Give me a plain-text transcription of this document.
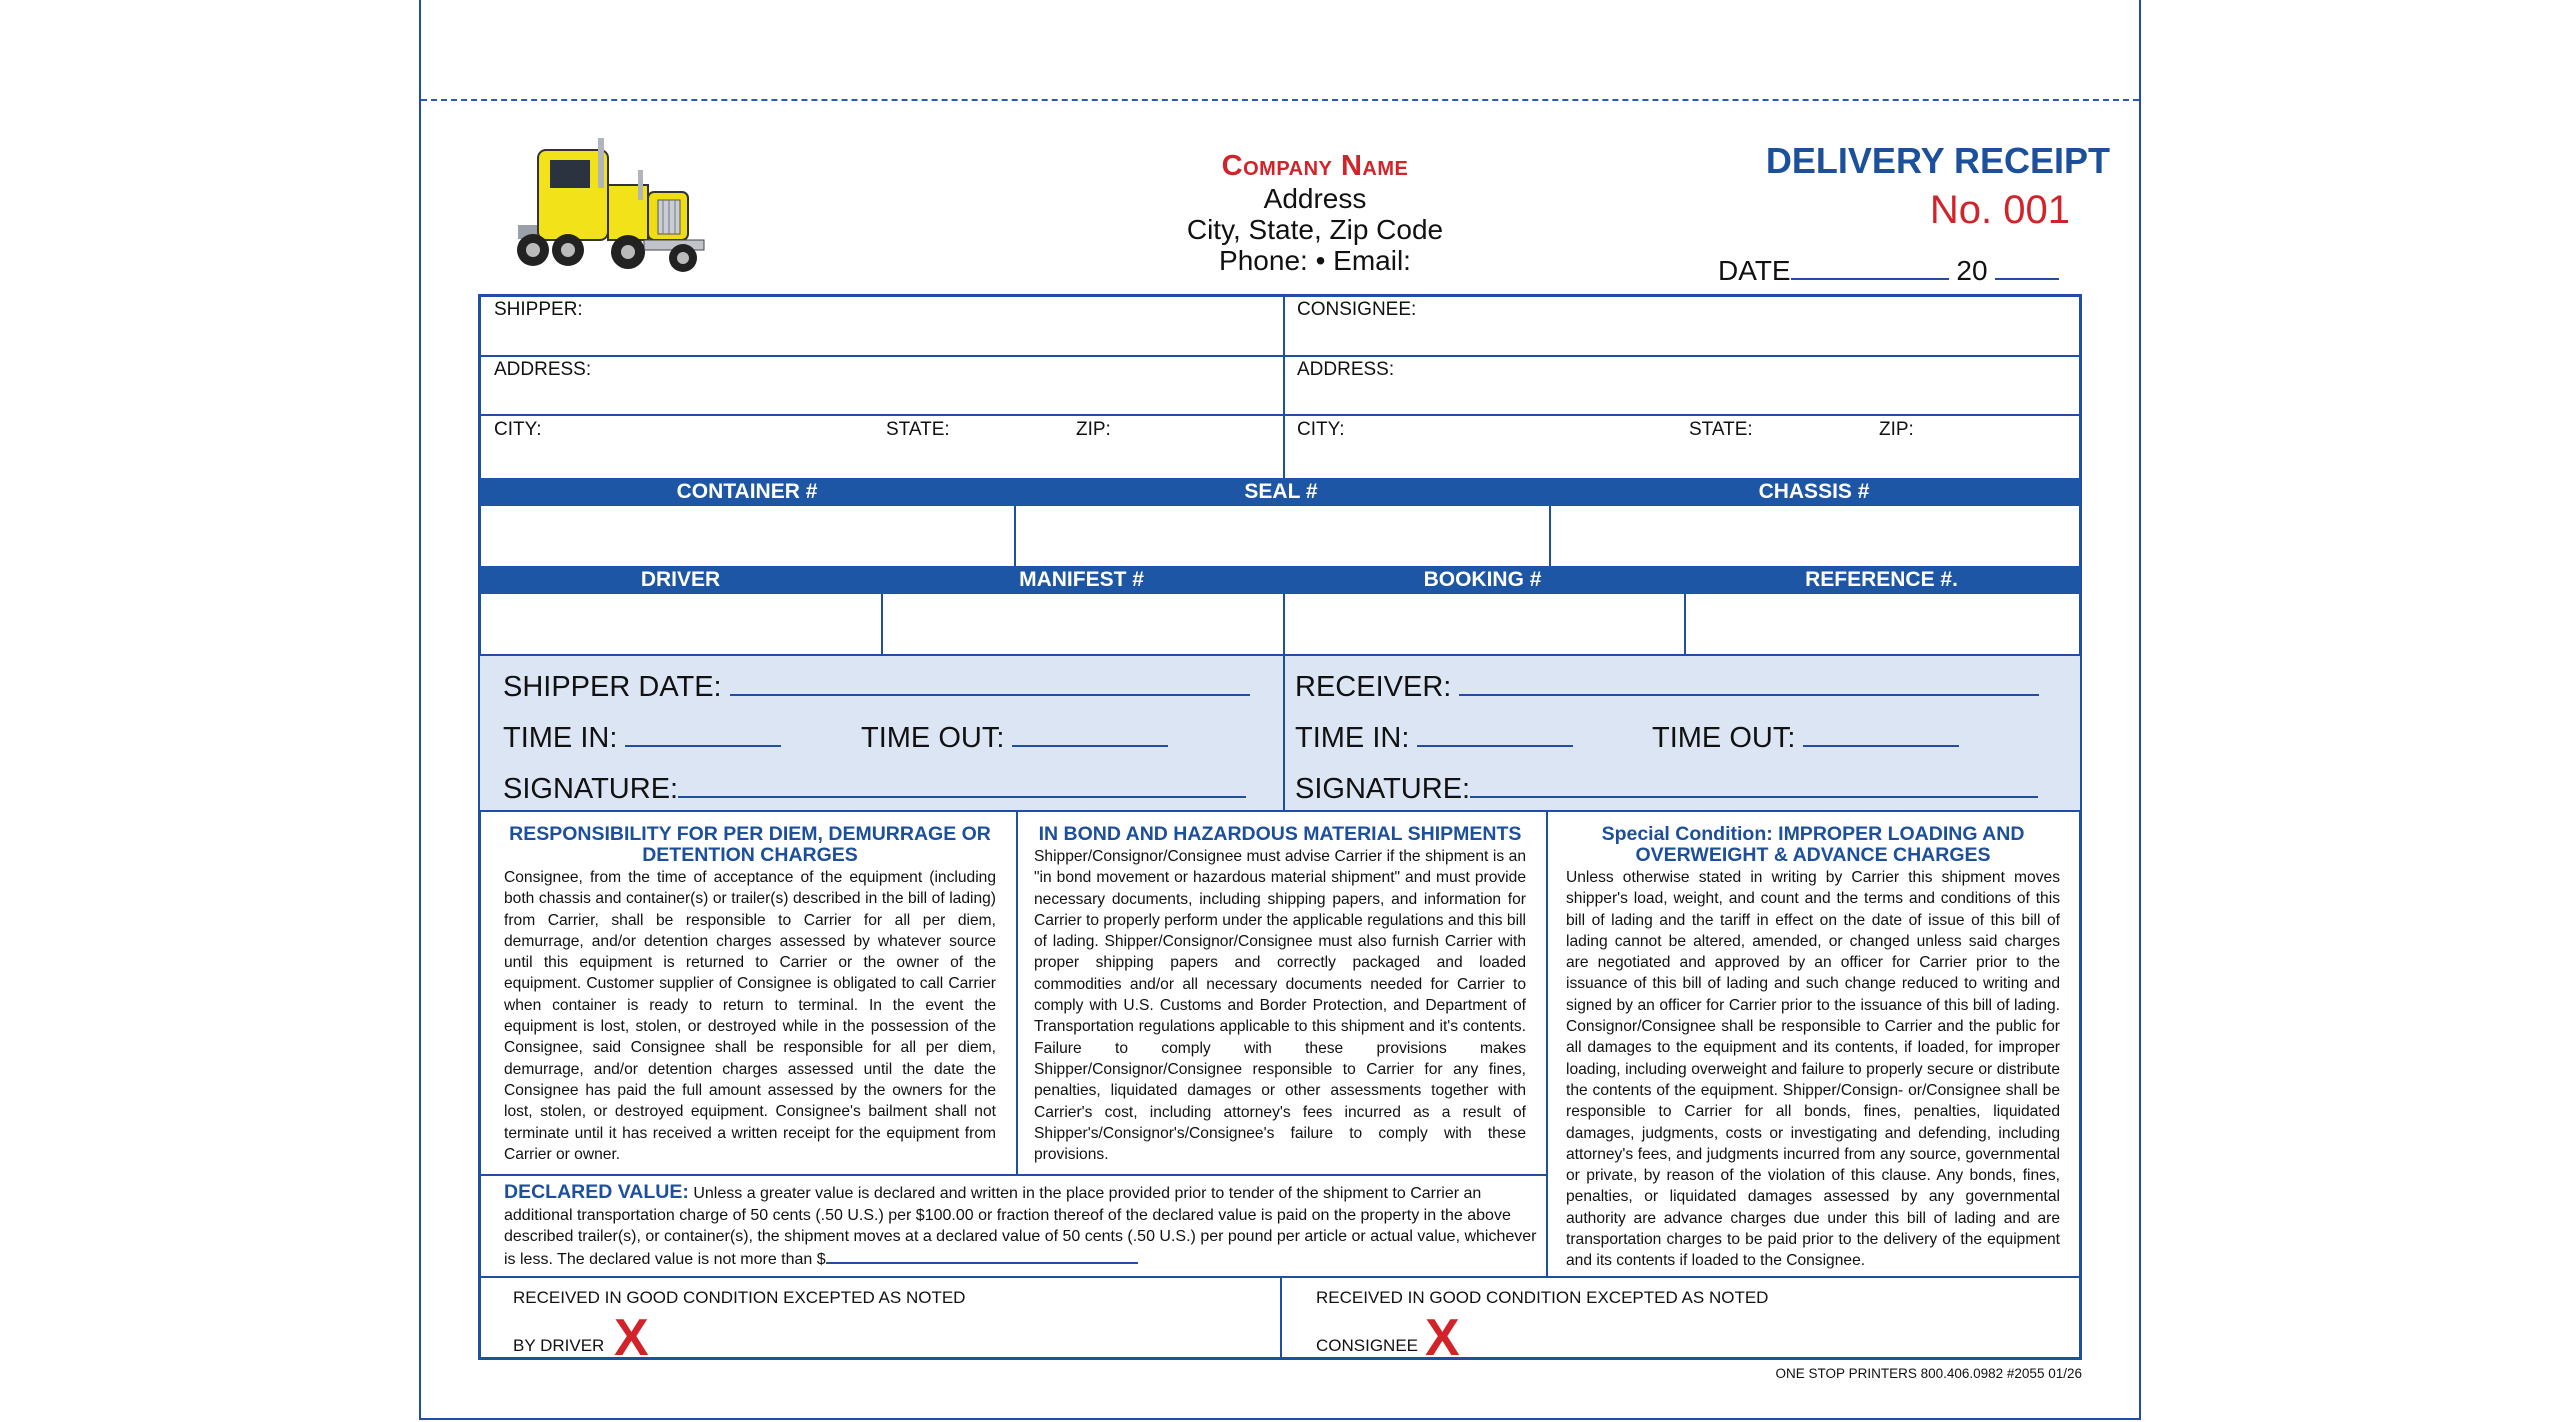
Company Name
Address
City, State, Zip Code
Phone: • Email:
DELIVERY RECEIPT
No. 001
DATE	20
SHIPPER:	CONSIGNEE:
ADDRESS:	ADDRESS:
CITY:	STATE:	ZIP:	CITY:	STATE:	ZIP:
CONTAINER #	SEAL #	CHASSIS #
DRIVER	MANIFEST #	BOOKING #	REFERENCE #.
SHIPPER DATE:
TIME IN:	TIME OUT:
SIGNATURE:
RECEIVER:
TIME IN:	TIME OUT:
SIGNATURE:
RESPONSIBILITY FOR PER DIEM, DEMURRAGE OR DETENTION CHARGES
Consignee, from the time of acceptance of the equipment (including both chassis and container(s) or trailer(s) described in the bill of lading) from Carrier, shall be responsible to Carrier for all per diem, demurrage, and/or detention charges assessed by whatever source until this equipment is returned to Carrier or the owner of the equipment. Customer supplier of Consignee is obligated to call Carrier when container is ready to return to terminal. In the event the equipment is lost, stolen, or destroyed while in the possession of the Consignee, said Consignee shall be responsible for all per diem, demurrage, and/or detention charges assessed until the date the Consignee has paid the full amount assessed by the owners for the lost, stolen, or destroyed equipment. Consignee's bailment shall not terminate until it has received a written receipt for the equipment from Carrier or owner.
IN BOND AND HAZARDOUS MATERIAL SHIPMENTS
Shipper/Consignor/Consignee must advise Carrier if the shipment is an "in bond movement or hazardous material shipment" and must provide necessary documents, including shipping papers, and information for Carrier to properly perform under the applicable regulations and this bill of lading. Shipper/Consignor/Consignee must also furnish Carrier with proper shipping papers and correctly packaged and loaded commodities and/or all necessary documents needed for Carrier to comply with U.S. Customs and Border Protection, and Department of Transportation regulations applicable to this shipment and it's contents. Failure to comply with these provisions makes Shipper/Consignor/Consignee responsible to Carrier for any fines, penalties, liquidated damages or other assessments together with Carrier's cost, including attorney's fees incurred as a result of Shipper's/Consignor's/Consignee's failure to comply with these provisions.
Special Condition: IMPROPER LOADING AND OVERWEIGHT & ADVANCE CHARGES
Unless otherwise stated in writing by Carrier this shipment moves shipper's load, weight, and count and the terms and conditions of this bill of lading and the tariff in effect on the date of issue of this bill of lading cannot be altered, amended, or changed unless said charges are negotiated and approved by an officer for Carrier prior to the issuance of this bill of lading and such change reduced to writing and signed by an officer for Carrier prior to the issuance of this bill of lading. Consignor/Consignee shall be responsible to Carrier and the public for all damages to the equipment and its contents, if loaded, for improper loading, including overweight and failure to properly secure or distribute the contents of the equipment. Shipper/Consign- or/Consignee shall be responsible to Carrier for all bonds, fines, penalties, liquidated damages, judgments, costs or investigating and defending, including attorney's fees, and judgments incurred from any source, governmental or private, by reason of the violation of this clause. Any bonds, fines, penalties, or liquidated damages assessed by any governmental authority are advance charges due under this bill of lading and are transportation charges to be paid prior to the delivery of the equipment and its contents if loaded to the Consignee.
DECLARED VALUE: Unless a greater value is declared and written in the place provided prior to tender of the shipment to Carrier an additional transportation charge of 50 cents (.50 U.S.) per $100.00 or fraction thereof of the declared value is paid on the property in the above described trailer(s), or container(s), the shipment moves at a declared value of 50 cents (.50 U.S.) per pound per article or actual value, whichever is less. The declared value is not more than $
RECEIVED IN GOOD CONDITION EXCEPTED AS NOTED
BY DRIVER X
RECEIVED IN GOOD CONDITION EXCEPTED AS NOTED
CONSIGNEE X
ONE STOP PRINTERS 800.406.0982 #2055 01/26
